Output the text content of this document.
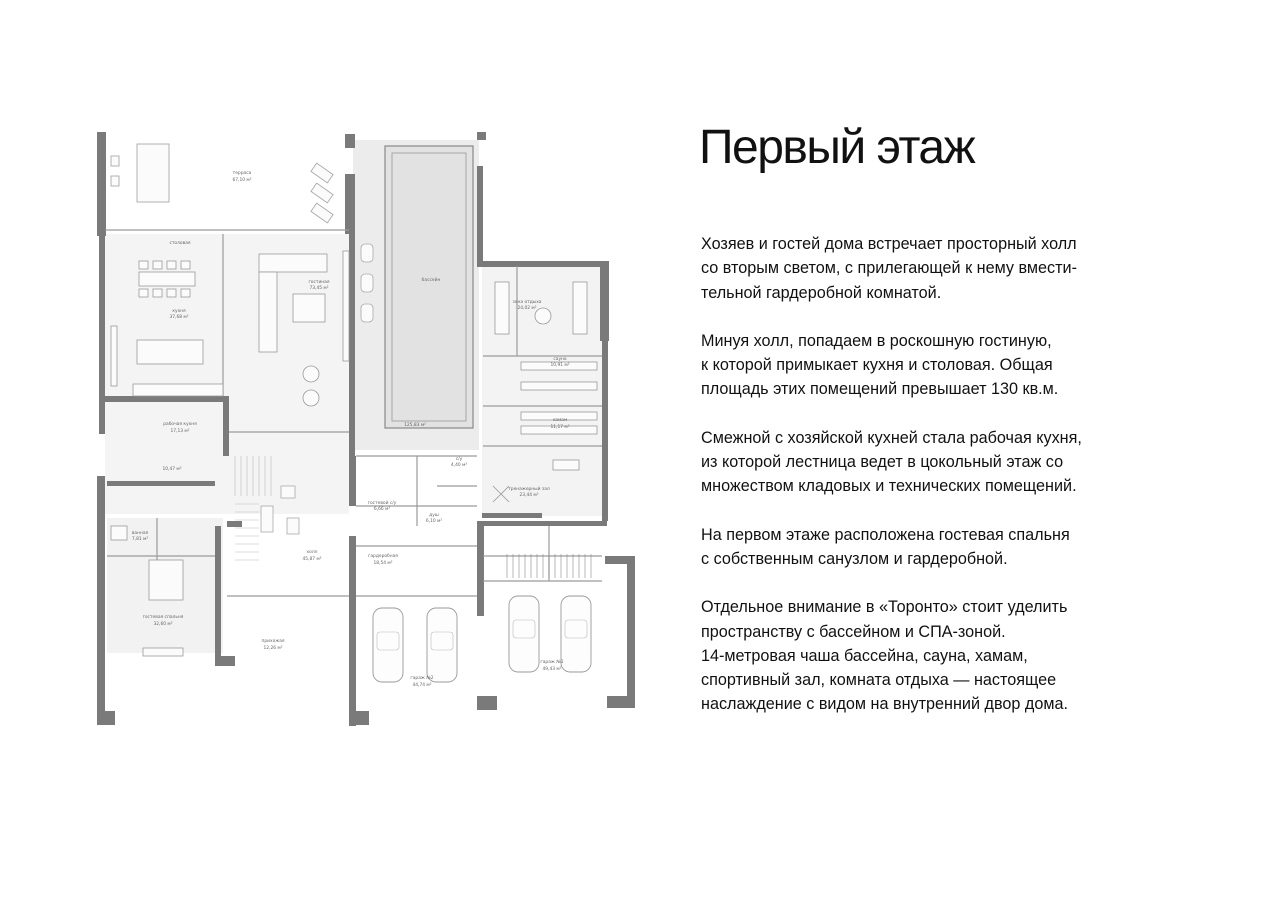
терраса
67,10 м²
столовая
гостиная
73,45 м²
кухня
37,68 м²
бассейн
125,83 м²
зона отдыха
24,02 м²
сауна
10,91 м²
хамам
11,17 м²
рабочая кухня
17,13 м²
10,47 м²
с/у
4,40 м²
тренажерный зал
23,44 м²
гостевой с/у
6,66 м²
душ
6,10 м²
холл
45,87 м²
гардеробная
18,54 м²
ванная
7,81 м²
гостевая спальня
32,60 м²
прихожая
12,26 м²
гараж №1
49,43 м²
гараж №2
44,74 м²
Первый этаж

Хозяев и гостей дома встречает просторный холл
со вторым светом, с прилегающей к нему вмести-
тельной гардеробной комнатой.

Минуя холл, попадаем в роскошную гостиную,
к которой примыкает кухня и столовая. Общая
площадь этих помещений превышает 130 кв.м.

Смежной с хозяйской кухней стала рабочая кухня,
из которой лестница ведет в цокольный этаж со
множеством кладовых и технических помещений.

На первом этаже расположена гостевая спальня
с собственным санузлом и гардеробной.

Отдельное внимание в «Торонто» стоит уделить
пространству с бассейном и СПА-зоной.
14-метровая чаша бассейна, сауна, хамам,
спортивный зал, комната отдыха — настоящее
наслаждение с видом на внутренний двор дома.
